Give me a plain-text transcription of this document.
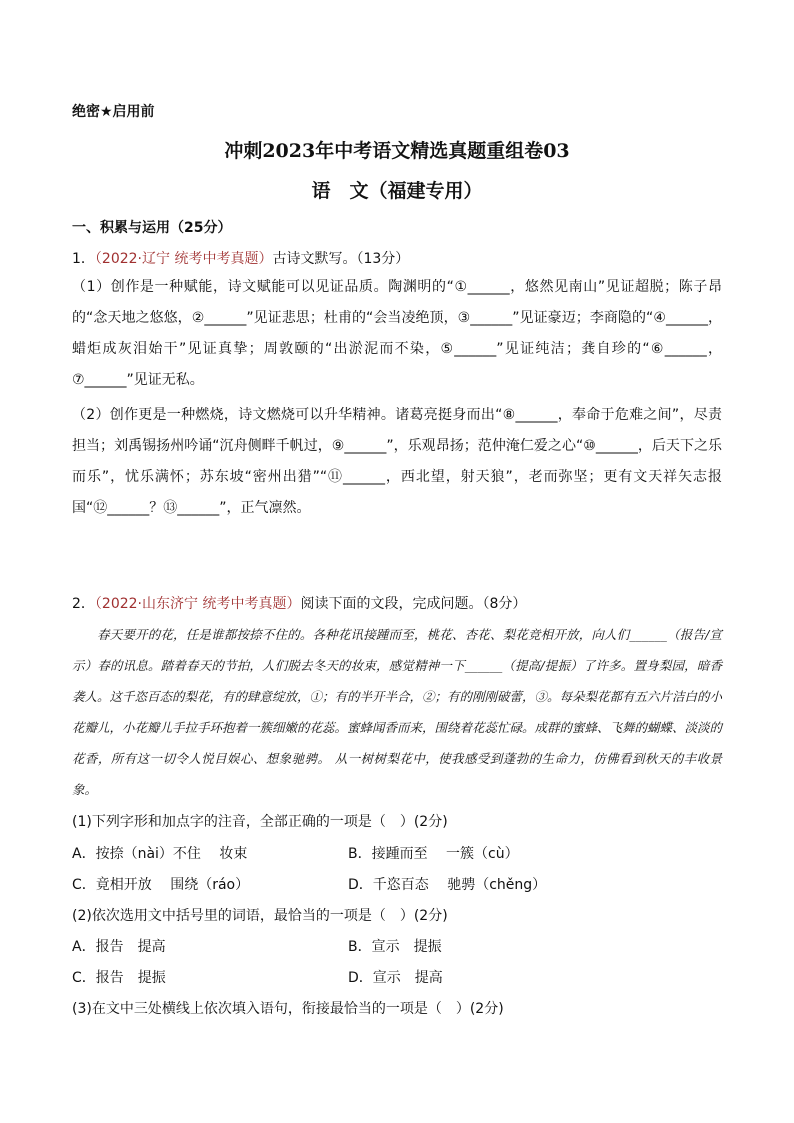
绝密★启用前
冲刺2023年中考语文精选真题重组卷03
语　文（福建专用）
一、积累与运用（25分）
1．（2022·辽宁 统考中考真题）古诗文默写。（13分）
（1）创作是一种赋能，诗文赋能可以见证品质。陶渊明的“①______，悠然见南山”见证超脱；陈子昂的“念天地之悠悠，②______”见证悲思；杜甫的“会当凌绝顶，③______”见证豪迈；李商隐的“④______，蜡炬成灰泪始干”见证真挚；周敦颐的“出淤泥而不染，⑤______”见证纯洁；龚自珍的“⑥______，⑦______”见证无私。
（2）创作更是一种燃烧，诗文燃烧可以升华精神。诸葛亮挺身而出“⑧______，奉命于危难之间”，尽责担当；刘禹锡扬州吟诵“沉舟侧畔千帆过，⑨______”，乐观昂扬；范仲淹仁爱之心“⑩______，后天下之乐而乐”，忧乐满怀；苏东坡“密州出猎”“⑪______，西北望，射天狼”，老而弥坚；更有文天祥矢志报国“⑫______？⑬______”，正气凛然。
2．（2022·山东济宁 统考中考真题）阅读下面的文段，完成问题。（8分）
春天要开的花，任是谁都按捺不住的。各种花讯接踵而至，桃花、杏花、梨花竞相开放，向人们______（报告/宣示）春的讯息。踏着春天的节拍，人们脱去冬天的妆束，感觉精神一下______（提高/提振）了许多。置身梨园，暗香袭人。这千恣百态的梨花，有的肆意绽放，①；有的半开半合，②；有的刚刚破蕾，③。每朵梨花都有五六片洁白的小花瓣儿，小花瓣儿手拉手环抱着一簇细嫩的花蕊。蜜蜂闻香而来，围绕着花蕊忙碌。成群的蜜蜂、飞舞的蝴蝶、淡淡的花香，所有这一切令人悦目娱心、想象驰骋。 从一树树梨花中，使我感受到蓬勃的生命力，仿佛看到秋天的丰收景象。
(1)下列字形和加点字的注音，全部正确的一项是（　）(2分)
A．按捺（nài）不住　 妆束	B．接踵而至　 一簇（cù）
C．竟相开放　 围绕（ráo）	D．千恣百态　 驰骋（chěng）
(2)依次选用文中括号里的词语，最恰当的一项是（　）(2分)
A．报告　提高	B．宣示　提振
C．报告　提振	D．宣示　提高
(3)在文中三处横线上依次填入语句，衔接最恰当的一项是（　）(2分)
